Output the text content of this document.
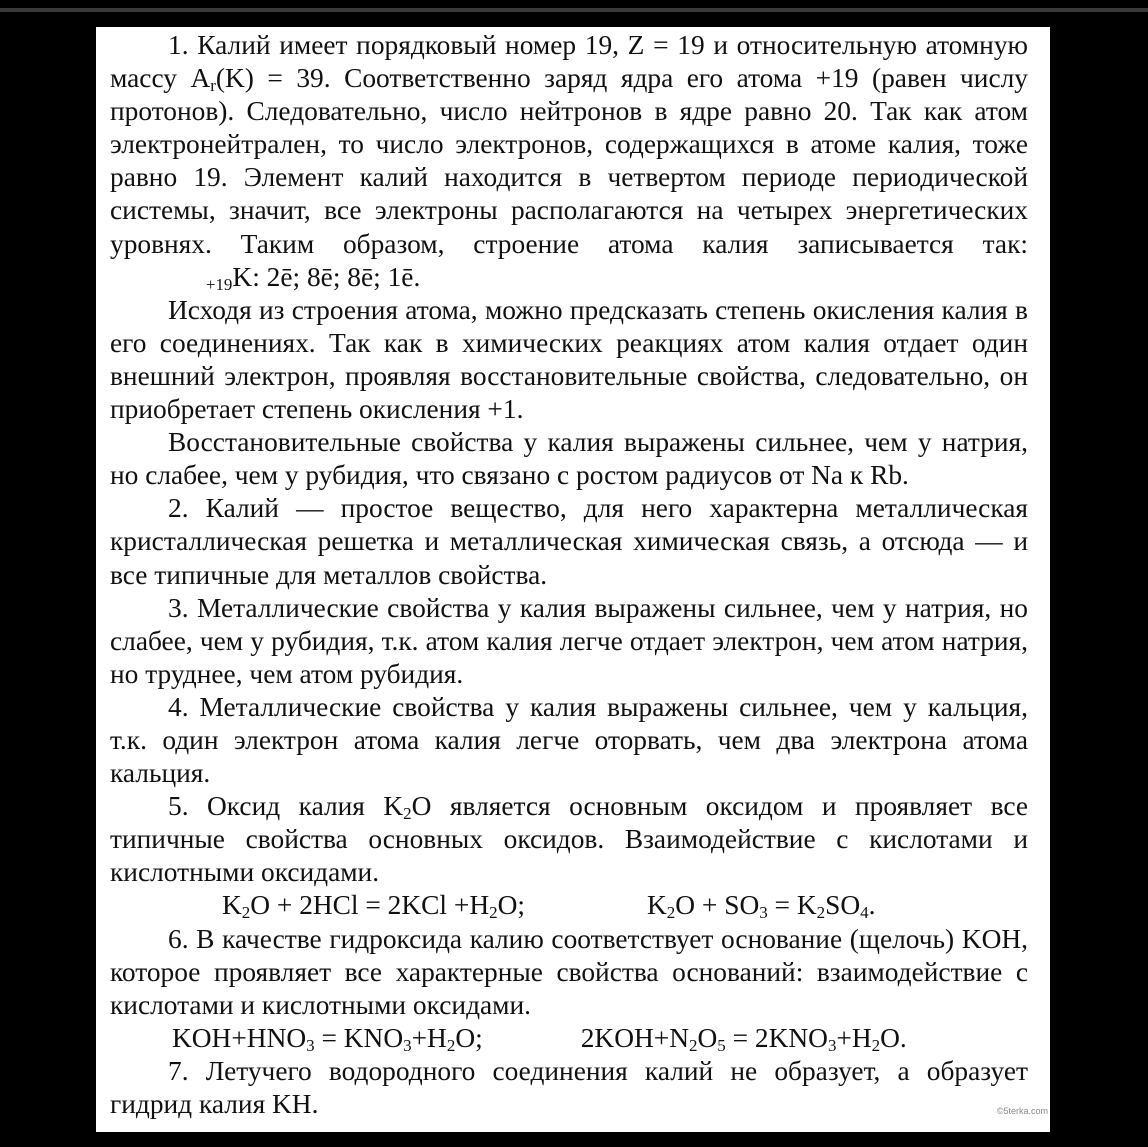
1. Калий имеет порядковый номер 19, Z = 19 и относительную атомную массу $A_r(K) = 39$. Соответственно заряд ядра его атома +19 (равен числу протонов). Следовательно, число нейтронов в ядре равно 20. Так как атом электронейтрален, то число электронов, содержащихся в атоме калия, тоже равно 19. Элемент калий находится в четвертом периоде периодической системы, значит, все электроны располагаются на четырех энергетических уровнях. Таким образом, строение атома калия записывается так:              $_{+19}$K: 2ē; 8ē; 8ē; 1ē.

Исходя из строения атома, можно предсказать степень окисления калия в его соединениях. Так как в химических реакциях атом калия отдает один внешний электрон, проявляя восстановительные свойства, следовательно, он приобретает степень окисления +1.

Восстановительные свойства у калия выражены сильнее, чем у натрия, но слабее, чем у рубидия, что связано с ростом радиусов от Na к Rb.

2. Калий — простое вещество, для него характерна металлическая кристаллическая решетка и металлическая химическая связь, а отсюда — и все типичные для металлов свойства.

3. Металлические свойства у калия выражены сильнее, чем у натрия, но слабее, чем у рубидия, т.к. атом калия легче отдает электрон, чем атом натрия, но труднее, чем атом рубидия.

4. Металлические свойства у калия выражены сильнее, чем у кальция, т.к. один электрон атома калия легче оторвать, чем два электрона атома кальция.

5. Оксид калия $K_2O$ является основным оксидом и проявляет все типичные свойства основных оксидов. Взаимодействие с кислотами и кислотными оксидами.

$K_2O + 2HCl = 2KCl +H_2O$;	$K_2O + SO_3 = K_2SO_4$.

6. В качестве гидроксида калию соответствует основание (щелочь) KOH, которое проявляет все характерные свойства оснований: взаимодействие с кислотами и кислотными оксидами.

$KOH+HNO_3 = KNO_3+H_2O$;	$2KOH+N_2O_5 = 2KNO_3+H_2O$.

7. Летучего водородного соединения калий не образует, а образует гидрид калия KH.	©5terka.com
